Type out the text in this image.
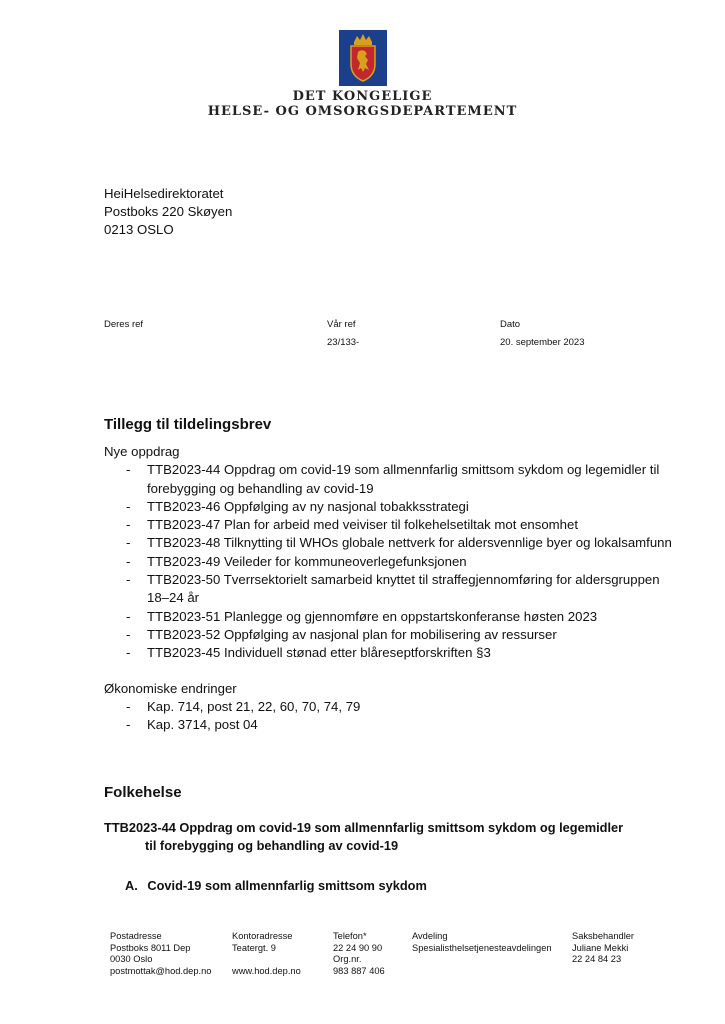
DET KONGELIGE
HELSE- OG OMSORGSDEPARTEMENT
HeiHelsedirektoratet
Postboks 220 Skøyen
0213 OSLO
Deres ref	Vår ref
23/133-
Dato
20. september 2023
Tillegg til tildelingsbrev
Nye oppdrag
- TTB2023-44 Oppdrag om covid-19 som allmennfarlig smittsom sykdom og legemidler til forebygging og behandling av covid-19
- TTB2023-46 Oppfølging av ny nasjonal tobakksstrategi
- TTB2023-47 Plan for arbeid med veiviser til folkehelsetiltak mot ensomhet
- TTB2023-48 Tilknytting til WHOs globale nettverk for aldersvennlige byer og lokalsamfunn
- TTB2023-49 Veileder for kommuneoverlegefunksjonen
- TTB2023-50 Tverrsektorielt samarbeid knyttet til straffegjennomføring for aldersgruppen 18–24 år
- TTB2023-51 Planlegge og gjennomføre en oppstartskonferanse høsten 2023
- TTB2023-52 Oppfølging av nasjonal plan for mobilisering av ressurser
- TTB2023-45 Individuell stønad etter blåreseptforskriften §3
Økonomiske endringer
- Kap. 714, post 21, 22, 60, 70, 74, 79
- Kap. 3714, post 04
Folkehelse
TTB2023-44 Oppdrag om covid-19 som allmennfarlig smittsom sykdom og legemidler
til forebygging og behandling av covid-19
A. Covid-19 som allmennfarlig smittsom sykdom
Postadresse
Postboks 8011 Dep
0030 Oslo
postmottak@hod.dep.no
Kontoradresse
Teatergt. 9
www.hod.dep.no
Telefon*
22 24 90 90
Org.nr.
983 887 406
Avdeling
Spesialisthelsetjenesteavdelingen
Saksbehandler
Juliane Mekki
22 24 84 23
